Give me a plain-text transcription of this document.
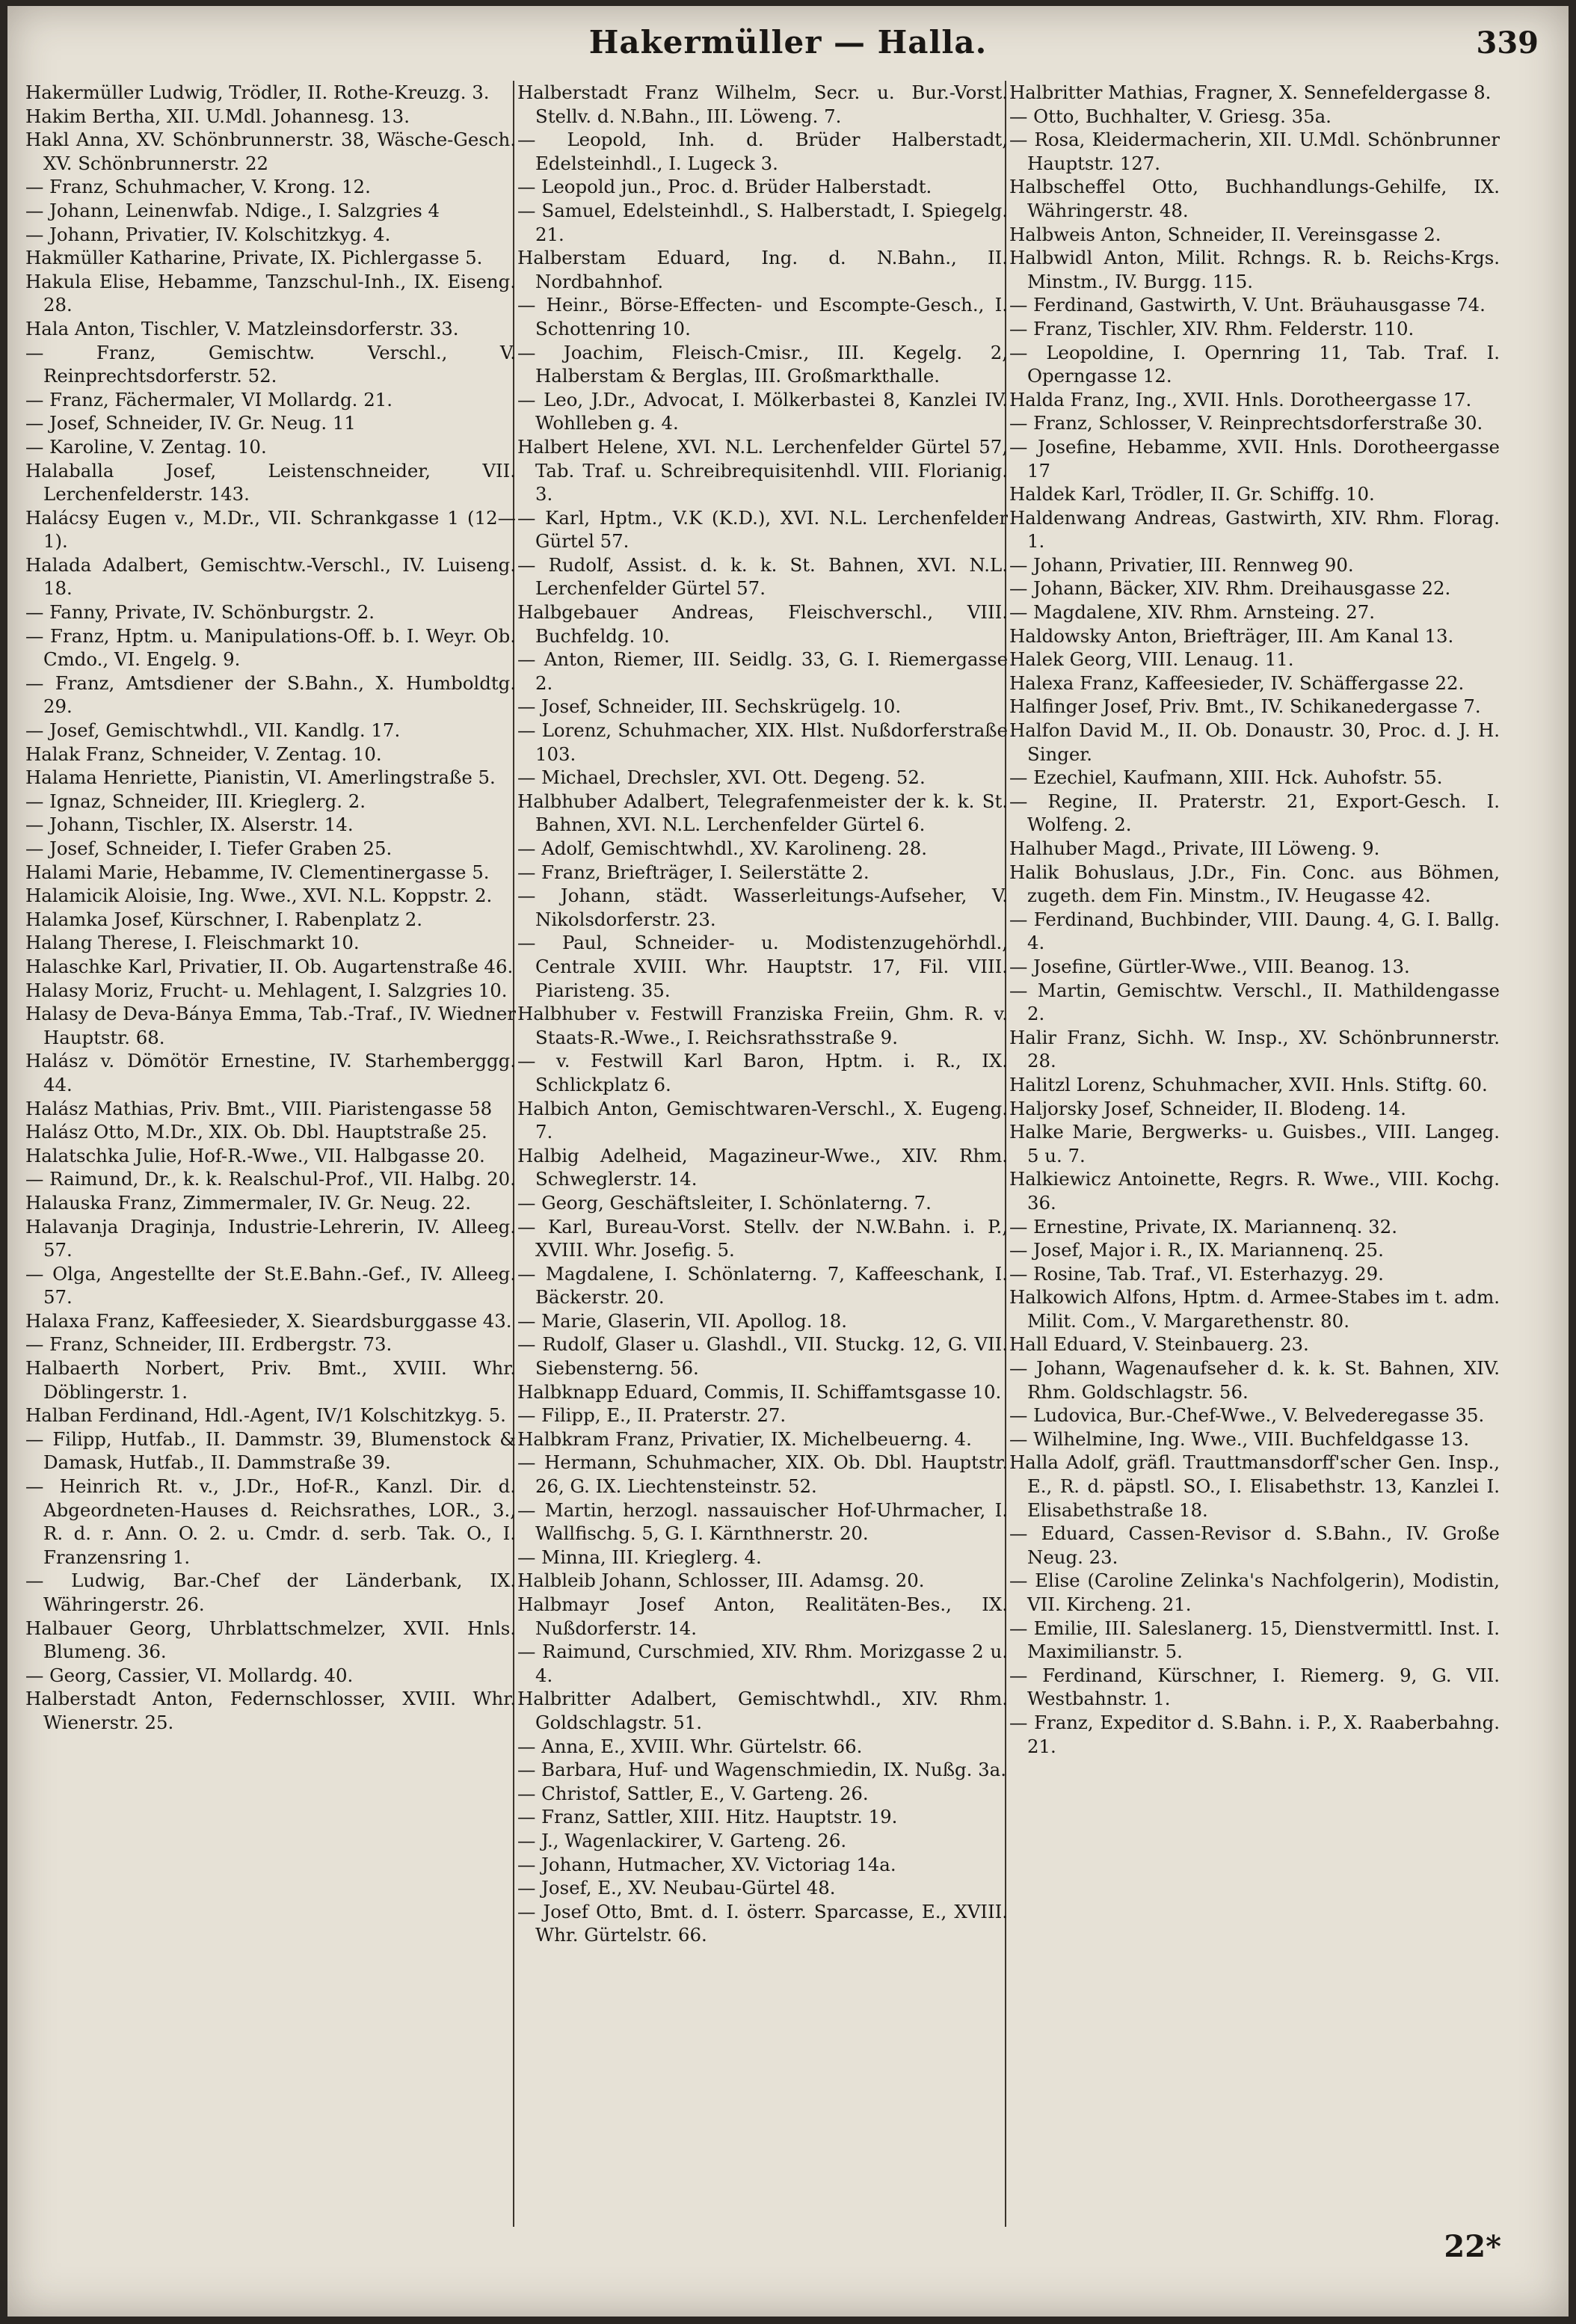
Hakermüller — Halla.	339
Hakermüller Ludwig, Trödler, II. Rothe-Kreuzg. 3.
Hakim Bertha, XII. U.Mdl. Johannesg. 13.
Hakl Anna, XV. Schönbrunnerstr. 38, Wäsche-Gesch. XV. Schönbrunnerstr. 22
— Franz, Schuhmacher, V. Krong. 12.
— Johann, Leinenwfab. Ndige., I. Salzgries 4
— Johann, Privatier, IV. Kolschitzkyg. 4.
Hakmüller Katharine, Private, IX. Pichlergasse 5.
Hakula Elise, Hebamme, Tanzschul-Inh., IX. Eiseng. 28.
Hala Anton, Tischler, V. Matzleinsdorferstr. 33.
— Franz, Gemischtw. Verschl., V. Reinprechtsdorferstr. 52.
— Franz, Fächermaler, VI Mollardg. 21.
— Josef, Schneider, IV. Gr. Neug. 11
— Karoline, V. Zentag. 10.
Halaballa Josef, Leistenschneider, VII. Lerchenfelderstr. 143.
Halácsy Eugen v., M.Dr., VII. Schrankgasse 1 (12—1).
Halada Adalbert, Gemischtw.-Verschl., IV. Luiseng. 18.
— Fanny, Private, IV. Schönburgstr. 2.
— Franz, Hptm. u. Manipulations-Off. b. I. Weyr. Ob. Cmdo., VI. Engelg. 9.
— Franz, Amtsdiener der S.Bahn., X. Humboldtg. 29.
— Josef, Gemischtwhdl., VII. Kandlg. 17.
Halak Franz, Schneider, V. Zentag. 10.
Halama Henriette, Pianistin, VI. Amerlingstraße 5.
— Ignaz, Schneider, III. Krieglerg. 2.
— Johann, Tischler, IX. Alserstr. 14.
— Josef, Schneider, I. Tiefer Graben 25.
Halami Marie, Hebamme, IV. Clementinergasse 5.
Halamicik Aloisie, Ing. Wwe., XVI. N.L. Koppstr. 2.
Halamka Josef, Kürschner, I. Rabenplatz 2.
Halang Therese, I. Fleischmarkt 10.
Halaschke Karl, Privatier, II. Ob. Augartenstraße 46.
Halasy Moriz, Frucht- u. Mehlagent, I. Salzgries 10.
Halasy de Deva-Bánya Emma, Tab.-Traf., IV. Wiedner Hauptstr. 68.
Halász v. Dömötör Ernestine, IV. Starhemberggg. 44.
Halász Mathias, Priv. Bmt., VIII. Piaristengasse 58
Halász Otto, M.Dr., XIX. Ob. Dbl. Hauptstraße 25.
Halatschka Julie, Hof-R.-Wwe., VII. Halbgasse 20.
— Raimund, Dr., k. k. Realschul-Prof., VII. Halbg. 20.
Halauska Franz, Zimmermaler, IV. Gr. Neug. 22.
Halavanja Draginja, Industrie-Lehrerin, IV. Alleeg. 57.
— Olga, Angestellte der St.E.Bahn.-Gef., IV. Alleeg. 57.
Halaxa Franz, Kaffeesieder, X. Sieardsburggasse 43.
— Franz, Schneider, III. Erdbergstr. 73.
Halbaerth Norbert, Priv. Bmt., XVIII. Whr. Döblingerstr. 1.
Halban Ferdinand, Hdl.-Agent, IV/1 Kolschitzkyg. 5.
— Filipp, Hutfab., II. Dammstr. 39, Blumenstock & Damask, Hutfab., II. Dammstraße 39.
— Heinrich Rt. v., J.Dr., Hof-R., Kanzl. Dir. d. Abgeordneten-Hauses d. Reichsrathes, LOR., 3., R. d. r. Ann. O. 2. u. Cmdr. d. serb. Tak. O., I. Franzensring 1.
— Ludwig, Bar.-Chef der Länderbank, IX. Währingerstr. 26.
Halbauer Georg, Uhrblattschmelzer, XVII. Hnls. Blumeng. 36.
— Georg, Cassier, VI. Mollardg. 40.
Halberstadt Anton, Federnschlosser, XVIII. Whr. Wienerstr. 25.
Halberstadt Franz Wilhelm, Secr. u. Bur.-Vorst. Stellv. d. N.Bahn., III. Löweng. 7.
— Leopold, Inh. d. Brüder Halberstadt, Edelsteinhdl., I. Lugeck 3.
— Leopold jun., Proc. d. Brüder Halberstadt.
— Samuel, Edelsteinhdl., S. Halberstadt, I. Spiegelg. 21.
Halberstam Eduard, Ing. d. N.Bahn., II. Nordbahnhof.
— Heinr., Börse-Effecten- und Escompte-Gesch., I. Schottenring 10.
— Joachim, Fleisch-Cmisr., III. Kegelg. 2, Halberstam & Berglas, III. Großmarkthalle.
— Leo, J.Dr., Advocat, I. Mölkerbastei 8, Kanzlei IV. Wohlleben g. 4.
Halbert Helene, XVI. N.L. Lerchenfelder Gürtel 57, Tab. Traf. u. Schreibrequisitenhdl. VIII. Florianig. 3.
— Karl, Hptm., V.K (K.D.), XVI. N.L. Lerchenfelder Gürtel 57.
— Rudolf, Assist. d. k. k. St. Bahnen, XVI. N.L. Lerchenfelder Gürtel 57.
Halbgebauer Andreas, Fleischverschl., VIII. Buchfeldg. 10.
— Anton, Riemer, III. Seidlg. 33, G. I. Riemergasse 2.
— Josef, Schneider, III. Sechskrügelg. 10.
— Lorenz, Schuhmacher, XIX. Hlst. Nußdorferstraße 103.
— Michael, Drechsler, XVI. Ott. Degeng. 52.
Halbhuber Adalbert, Telegrafenmeister der k. k. St. Bahnen, XVI. N.L. Lerchenfelder Gürtel 6.
— Adolf, Gemischtwhdl., XV. Karolineng. 28.
— Franz, Briefträger, I. Seilerstätte 2.
— Johann, städt. Wasserleitungs-Aufseher, V. Nikolsdorferstr. 23.
— Paul, Schneider- u. Modistenzugehörhdl., Centrale XVIII. Whr. Hauptstr. 17, Fil. VIII. Piaristeng. 35.
Halbhuber v. Festwill Franziska Freiin, Ghm. R. v. Staats-R.-Wwe., I. Reichsrathsstraße 9.
— v. Festwill Karl Baron, Hptm. i. R., IX. Schlickplatz 6.
Halbich Anton, Gemischtwaren-Verschl., X. Eugeng. 7.
Halbig Adelheid, Magazineur-Wwe., XIV. Rhm. Schweglerstr. 14.
— Georg, Geschäftsleiter, I. Schönlaterng. 7.
— Karl, Bureau-Vorst. Stellv. der N.W.Bahn. i. P., XVIII. Whr. Josefig. 5.
— Magdalene, I. Schönlaterng. 7, Kaffeeschank, I. Bäckerstr. 20.
— Marie, Glaserin, VII. Apollog. 18.
— Rudolf, Glaser u. Glashdl., VII. Stuckg. 12, G. VII. Siebensterng. 56.
Halbknapp Eduard, Commis, II. Schiffamtsgasse 10.
— Filipp, E., II. Praterstr. 27.
Halbkram Franz, Privatier, IX. Michelbeuerng. 4.
— Hermann, Schuhmacher, XIX. Ob. Dbl. Hauptstr. 26, G. IX. Liechtensteinstr. 52.
— Martin, herzogl. nassauischer Hof-Uhrmacher, I. Wallfischg. 5, G. I. Kärnthnerstr. 20.
— Minna, III. Krieglerg. 4.
Halbleib Johann, Schlosser, III. Adamsg. 20.
Halbmayr Josef Anton, Realitäten-Bes., IX. Nußdorferstr. 14.
— Raimund, Curschmied, XIV. Rhm. Morizgasse 2 u. 4.
Halbritter Adalbert, Gemischtwhdl., XIV. Rhm. Goldschlagstr. 51.
— Anna, E., XVIII. Whr. Gürtelstr. 66.
— Barbara, Huf- und Wagenschmiedin, IX. Nußg. 3a.
— Christof, Sattler, E., V. Garteng. 26.
— Franz, Sattler, XIII. Hitz. Hauptstr. 19.
— J., Wagenlackirer, V. Garteng. 26.
— Johann, Hutmacher, XV. Victoriag 14a.
— Josef, E., XV. Neubau-Gürtel 48.
— Josef Otto, Bmt. d. I. österr. Sparcasse, E., XVIII. Whr. Gürtelstr. 66.
Halbritter Mathias, Fragner, X. Sennefeldergasse 8.
— Otto, Buchhalter, V. Griesg. 35a.
— Rosa, Kleidermacherin, XII. U.Mdl. Schönbrunner Hauptstr. 127.
Halbscheffel Otto, Buchhandlungs-Gehilfe, IX. Währingerstr. 48.
Halbweis Anton, Schneider, II. Vereinsgasse 2.
Halbwidl Anton, Milit. Rchngs. R. b. Reichs-Krgs. Minstm., IV. Burgg. 115.
— Ferdinand, Gastwirth, V. Unt. Bräuhausgasse 74.
— Franz, Tischler, XIV. Rhm. Felderstr. 110.
— Leopoldine, I. Opernring 11, Tab. Traf. I. Operngasse 12.
Halda Franz, Ing., XVII. Hnls. Dorotheergasse 17.
— Franz, Schlosser, V. Reinprechtsdorferstraße 30.
— Josefine, Hebamme, XVII. Hnls. Dorotheergasse 17
Haldek Karl, Trödler, II. Gr. Schiffg. 10.
Haldenwang Andreas, Gastwirth, XIV. Rhm. Florag. 1.
— Johann, Privatier, III. Rennweg 90.
— Johann, Bäcker, XIV. Rhm. Dreihausgasse 22.
— Magdalene, XIV. Rhm. Arnsteing. 27.
Haldowsky Anton, Briefträger, III. Am Kanal 13.
Halek Georg, VIII. Lenaug. 11.
Halexa Franz, Kaffeesieder, IV. Schäffergasse 22.
Halfinger Josef, Priv. Bmt., IV. Schikanedergasse 7.
Halfon David M., II. Ob. Donaustr. 30, Proc. d. J. H. Singer.
— Ezechiel, Kaufmann, XIII. Hck. Auhofstr. 55.
— Regine, II. Praterstr. 21, Export-Gesch. I. Wolfeng. 2.
Halhuber Magd., Private, III Löweng. 9.
Halik Bohuslaus, J.Dr., Fin. Conc. aus Böhmen, zugeth. dem Fin. Minstm., IV. Heugasse 42.
— Ferdinand, Buchbinder, VIII. Daung. 4, G. I. Ballg. 4.
— Josefine, Gürtler-Wwe., VIII. Beanog. 13.
— Martin, Gemischtw. Verschl., II. Mathildengasse 2.
Halir Franz, Sichh. W. Insp., XV. Schönbrunnerstr. 28.
Halitzl Lorenz, Schuhmacher, XVII. Hnls. Stiftg. 60.
Haljorsky Josef, Schneider, II. Blodeng. 14.
Halke Marie, Bergwerks- u. Guisbes., VIII. Langeg. 5 u. 7.
Halkiewicz Antoinette, Regrs. R. Wwe., VIII. Kochg. 36.
— Ernestine, Private, IX. Mariannenq. 32.
— Josef, Major i. R., IX. Mariannenq. 25.
— Rosine, Tab. Traf., VI. Esterhazyg. 29.
Halkowich Alfons, Hptm. d. Armee-Stabes im t. adm. Milit. Com., V. Margarethenstr. 80.
Hall Eduard, V. Steinbauerg. 23.
— Johann, Wagenaufseher d. k. k. St. Bahnen, XIV. Rhm. Goldschlagstr. 56.
— Ludovica, Bur.-Chef-Wwe., V. Belvederegasse 35.
— Wilhelmine, Ing. Wwe., VIII. Buchfeldgasse 13.
Halla Adolf, gräfl. Trauttmansdorff'scher Gen. Insp., E., R. d. päpstl. SO., I. Elisabethstr. 13, Kanzlei I. Elisabethstraße 18.
— Eduard, Cassen-Revisor d. S.Bahn., IV. Große Neug. 23.
— Elise (Caroline Zelinka's Nachfolgerin), Modistin, VII. Kircheng. 21.
— Emilie, III. Saleslanerg. 15, Dienstvermittl. Inst. I. Maximilianstr. 5.
— Ferdinand, Kürschner, I. Riemerg. 9, G. VII. Westbahnstr. 1.
— Franz, Expeditor d. S.Bahn. i. P., X. Raaberbahng. 21.
22*
